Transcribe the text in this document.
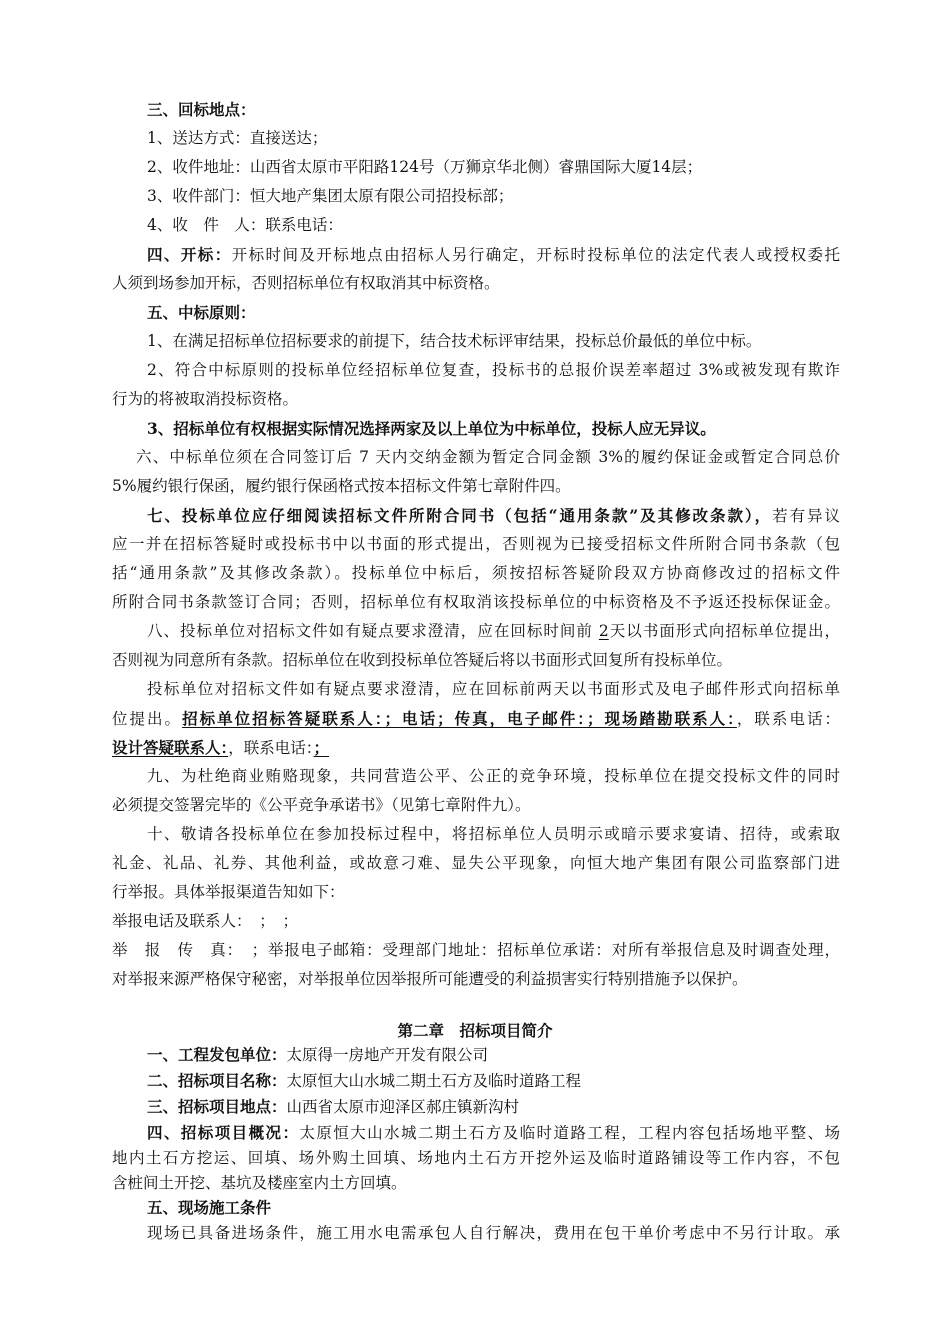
三、回标地点：
1、送达方式：直接送达；
2、收件地址：山西省太原市平阳路124号（万狮京华北侧）睿鼎国际大厦14层；
3、收件部门：恒大地产集团太原有限公司招投标部；
4、收　件　人：联系电话：
四、开标：开标时间及开标地点由招标人另行确定，开标时投标单位的法定代表人或授权委托
人须到场参加开标，否则招标单位有权取消其中标资格。
五、中标原则：
1、在满足招标单位招标要求的前提下，结合技术标评审结果，投标总价最低的单位中标。
2、符合中标原则的投标单位经招标单位复查，投标书的总报价误差率超过 3%或被发现有欺诈
行为的将被取消投标资格。
3、招标单位有权根据实际情况选择两家及以上单位为中标单位，投标人应无异议。
六、中标单位须在合同签订后 7 天内交纳金额为暂定合同金额 3%的履约保证金或暂定合同总价
5%履约银行保函，履约银行保函格式按本招标文件第七章附件四。
七、投标单位应仔细阅读招标文件所附合同书（包括“通用条款”及其修改条款），若有异议
应一并在招标答疑时或投标书中以书面的形式提出，否则视为已接受招标文件所附合同书条款（包
括“通用条款”及其修改条款）。投标单位中标后，须按招标答疑阶段双方协商修改过的招标文件
所附合同书条款签订合同；否则，招标单位有权取消该投标单位的中标资格及不予返还投标保证金。
八、投标单位对招标文件如有疑点要求澄清，应在回标时间前 2天以书面形式向招标单位提出，
否则视为同意所有条款。招标单位在收到投标单位答疑后将以书面形式回复所有投标单位。
投标单位对招标文件如有疑点要求澄清，应在回标前两天以书面形式及电子邮件形式向招标单
位提出。招标单位招标答疑联系人：；电话；传真，电子邮件：；现场踏勘联系人：，联系电话：
设计答疑联系人：，联系电话：；
九、为杜绝商业贿赂现象，共同营造公平、公正的竞争环境，投标单位在提交投标文件的同时
必须提交签署完毕的《公平竞争承诺书》（见第七章附件九）。
十、敬请各投标单位在参加投标过程中，将招标单位人员明示或暗示要求宴请、招待，或索取
礼金、礼品、礼券、其他利益，或故意刁难、显失公平现象，向恒大地产集团有限公司监察部门进
行举报。具体举报渠道告知如下：
举报电话及联系人：　；　；
举　报　传　真：　；举报电子邮箱：受理部门地址：招标单位承诺：对所有举报信息及时调查处理，
对举报来源严格保守秘密，对举报单位因举报所可能遭受的利益损害实行特别措施予以保护。
第二章　招标项目简介
一、工程发包单位：太原得一房地产开发有限公司
二、招标项目名称：太原恒大山水城二期土石方及临时道路工程
三、招标项目地点：山西省太原市迎泽区郝庄镇新沟村
四、招标项目概况：太原恒大山水城二期土石方及临时道路工程，工程内容包括场地平整、场
地内土石方挖运、回填、场外购土回填、场地内土石方开挖外运及临时道路铺设等工作内容，不包
含桩间土开挖、基坑及楼座室内土方回填。
五、现场施工条件
现场已具备进场条件，施工用水电需承包人自行解决，费用在包干单价考虑中不另行计取。承
